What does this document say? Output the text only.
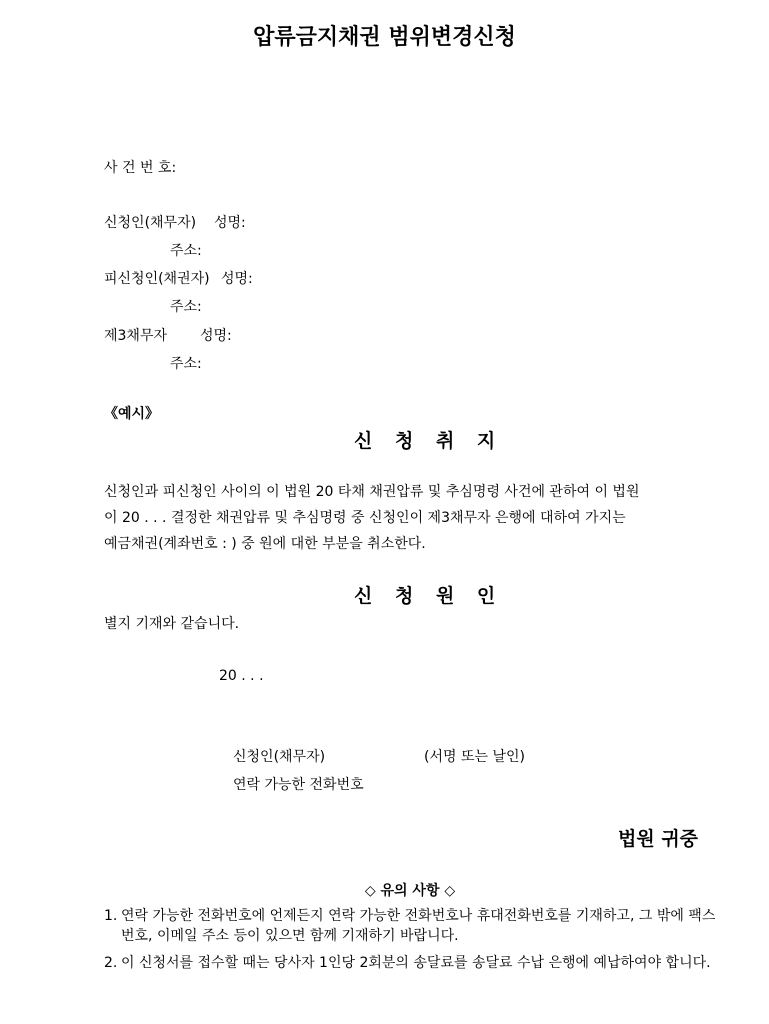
압류금지채권 범위변경신청
사 건 번 호:
신청인(채무자) 성명:
주소:
피신청인(채권자) 성명:
주소:
제3채무자 성명:
주소:
《예시》
신 청 취 지
신청인과 피신청인 사이의 이 법원 20 타채 채권압류 및 추심명령 사건에 관하여 이 법원
이 20 . . . 결정한 채권압류 및 추심명령 중 신청인이 제3채무자 은행에 대하여 가지는
예금채권(계좌번호 : ) 중 원에 대한 부분을 취소한다.
신 청 원 인
별지 기재와 같습니다.
20 . . .
신청인(채무자)	(서명 또는 날인)
연락 가능한 전화번호
법원 귀중
◇ 유의 사항 ◇
1. 연락 가능한 전화번호에 언제든지 연락 가능한 전화번호나 휴대전화번호를 기재하고, 그 밖에 팩스번호, 이메일 주소 등이 있으면 함께 기재하기 바랍니다.
2. 이 신청서를 접수할 때는 당사자 1인당 2회분의 송달료를 송달료 수납 은행에 예납하여야 합니다.
